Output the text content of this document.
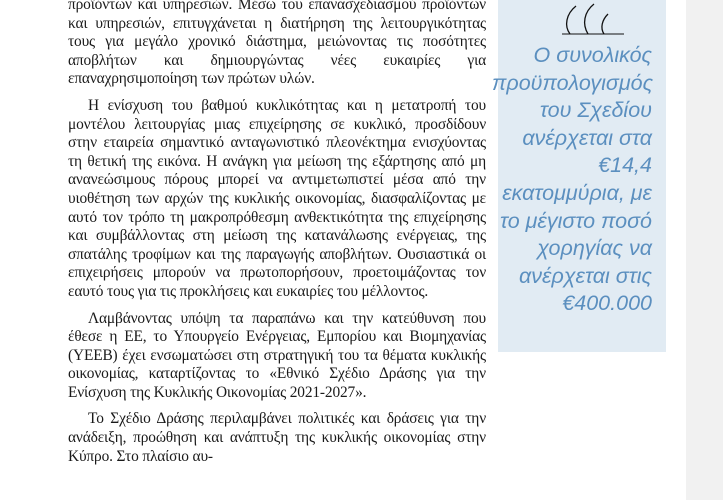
προϊόντων και υπηρεσιών. Μέσω του επανασχεδιασμού προϊόντων και υπηρεσιών, επιτυγχάνεται η διατήρηση της λειτουργικότητας τους για μεγάλο χρονικό διάστημα, μειώνοντας τις ποσότητες αποβλήτων και δημιουργώντας νέες ευκαιρίες για επαναχρησιμοποίηση των πρώτων υλών.

Η ενίσχυση του βαθμού κυκλικότητας και η μετατροπή του μοντέλου λειτουργίας μιας επιχείρησης σε κυκλικό, προσδίδουν στην εταιρεία σημαντικό ανταγωνιστικό πλεονέκτημα ενισχύοντας τη θετική της εικόνα. Η ανάγκη για μείωση της εξάρτησης από μη ανανεώσιμους πόρους μπορεί να αντιμετωπιστεί μέσα από την υιοθέτηση των αρχών της κυκλικής οικονομίας, διασφαλίζοντας με αυτό τον τρόπο τη μακροπρόθεσμη ανθεκτικότητα της επιχείρησης και συμβάλλοντας στη μείωση της κατανάλωσης ενέργειας, της σπατάλης τροφίμων και της παραγωγής αποβλήτων. Ουσιαστικά οι επιχειρήσεις μπορούν να πρωτοπορήσουν, προετοιμάζοντας τον εαυτό τους για τις προκλήσεις και ευκαιρίες του μέλλοντος.

Λαμβάνοντας υπόψη τα παραπάνω και την κατεύθυνση που έθεσε η ΕΕ, το Υπουργείο Ενέργειας, Εμπορίου και Βιομηχανίας (ΥΕΕΒ) έχει ενσωματώσει στη στρατηγική του τα θέματα κυκλικής οικονομίας, καταρτίζοντας το «Εθνικό Σχέδιο Δράσης για την Ενίσχυση της Κυκλικής Οικονομίας 2021-2027».

Το Σχέδιο Δράσης περιλαμβάνει πολιτικές και δράσεις για την ανάδειξη, προώθηση και ανάπτυξη της κυκλικής οικονομίας στην Κύπρο. Στο πλαίσιο αυ-

Ο συνολικός προϋπολογισμός του Σχεδίου ανέρχεται στα €14,4 εκατομμύρια, με το μέγιστο ποσό χορηγίας να ανέρχεται στις €400.000
